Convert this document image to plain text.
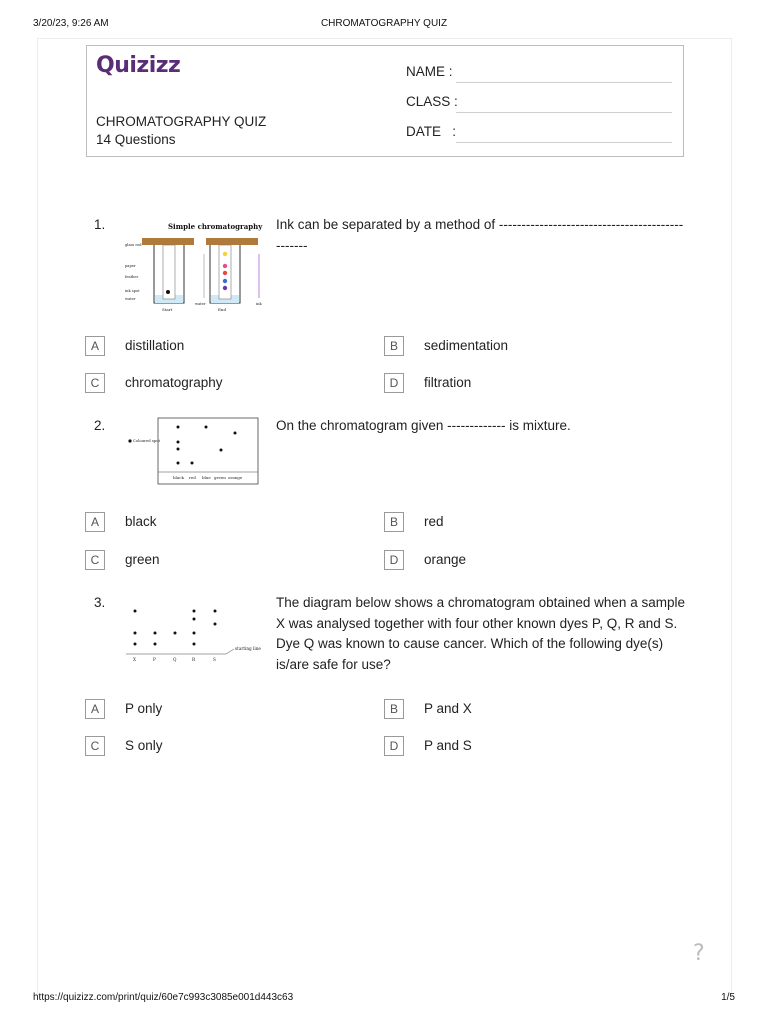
3/20/23, 9:26 AM	CHROMATOGRAPHY QUIZ
Quizizz
CHROMATOGRAPHY QUIZ
14 Questions
NAME :
CLASS :
DATE   :
1.	Simple chromatography
glass rod
paper
feather
ink spot
water
Start	End
water	ink
Ink can be separated by a method of ------------------------------------------------
A	distillation	B	sedimentation
C	chromatography	D	filtration
2.
Coloured spot
black red blue green orange
On the chromatogram given ------------- is mixture.
A	black	B	red
C	green	D	orange
3.
starting line
X	P	Q	R	S
The diagram below shows a chromatogram obtained when a sample X was analysed together with four other known dyes P, Q, R and S. Dye Q was known to cause cancer. Which of the following dye(s) is/are safe for use?
A	P only	B	P and X
C	S only	D	P and S
?
https://quizizz.com/print/quiz/60e7c993c3085e001d443c63	1/5
